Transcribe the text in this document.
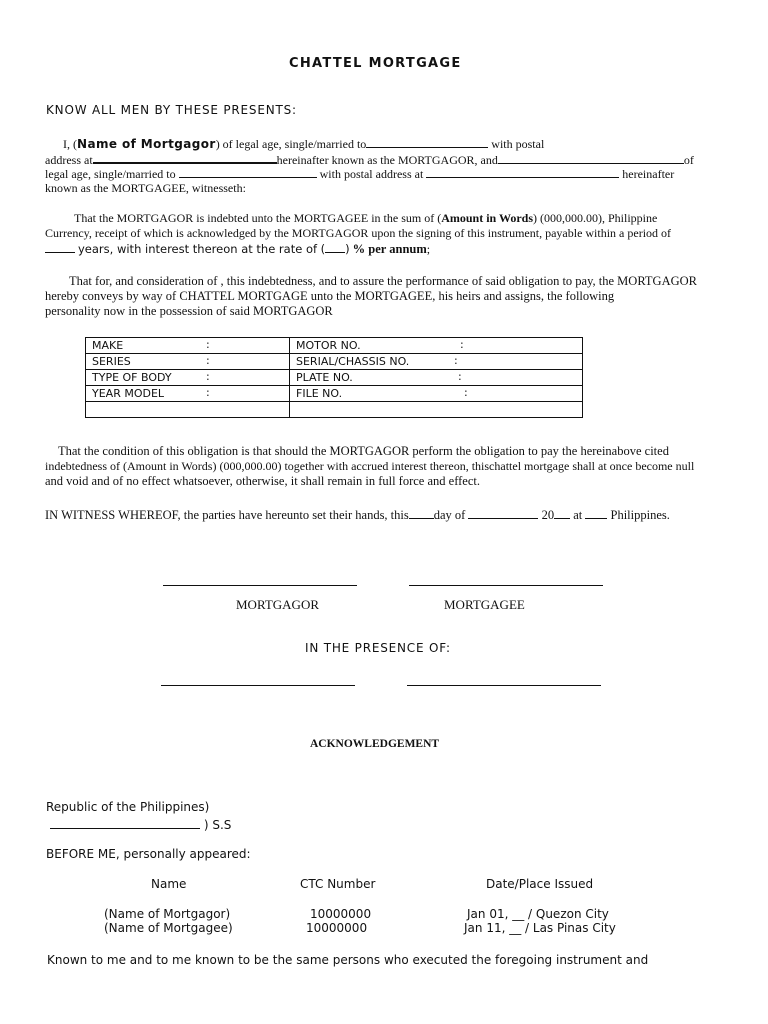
CHATTEL MORTGAGE
KNOW ALL MEN BY THESE PRESENTS:
I, (Name of Mortgagor) of legal age, single/married to	with postal
address at	hereinafter known as the MORTGAGOR, and	of
legal age, single/married to	with postal address at	hereinafter
known as the MORTGAGEE, witnesseth:
That the MORTGAGOR is indebted unto the MORTGAGEE in the sum of (Amount in Words) (000,000.00), Philippine
Currency, receipt of which is acknowledged by the MORTGAGOR upon the signing of this instrument, payable within a period of
years, with interest thereon at the rate of ( ) % per annum;
That for, and consideration of , this indebtedness, and to assure the performance of said obligation to pay, the MORTGAGOR
hereby conveys by way of CHATTEL MORTGAGE unto the MORTGAGEE, his heirs and assigns, the following
personality now in the possession of said MORTGAGOR
MAKE :	MOTOR NO. :

SERIES :	SERIAL/CHASSIS NO. :

TYPE OF BODY :	PLATE NO. :

YEAR MODEL :	FILE NO. :

That the condition of this obligation is that should the MORTGAGOR perform the obligation to pay the hereinabove cited
indebtedness of (Amount in Words) (000,000.00) together with accrued interest thereon, thischattel mortgage shall at once become null
and void and of no effect whatsoever, otherwise, it shall remain in full force and effect.
IN WITNESS WHEREOF, the parties have hereunto set their hands, this day of	20 at Philippines.
MORTGAGOR	MORTGAGEE
IN THE PRESENCE OF:
ACKNOWLEDGEMENT
Republic of the Philippines)
) S.S
BEFORE ME, personally appeared:
Name	CTC Number	Date/Place Issued
(Name of Mortgagor)	10000000	Jan 01, __ / Quezon City
(Name of Mortgagee)	10000000	Jan 11, __ / Las Pinas City
Known to me and to me known to be the same persons who executed the foregoing instrument and
